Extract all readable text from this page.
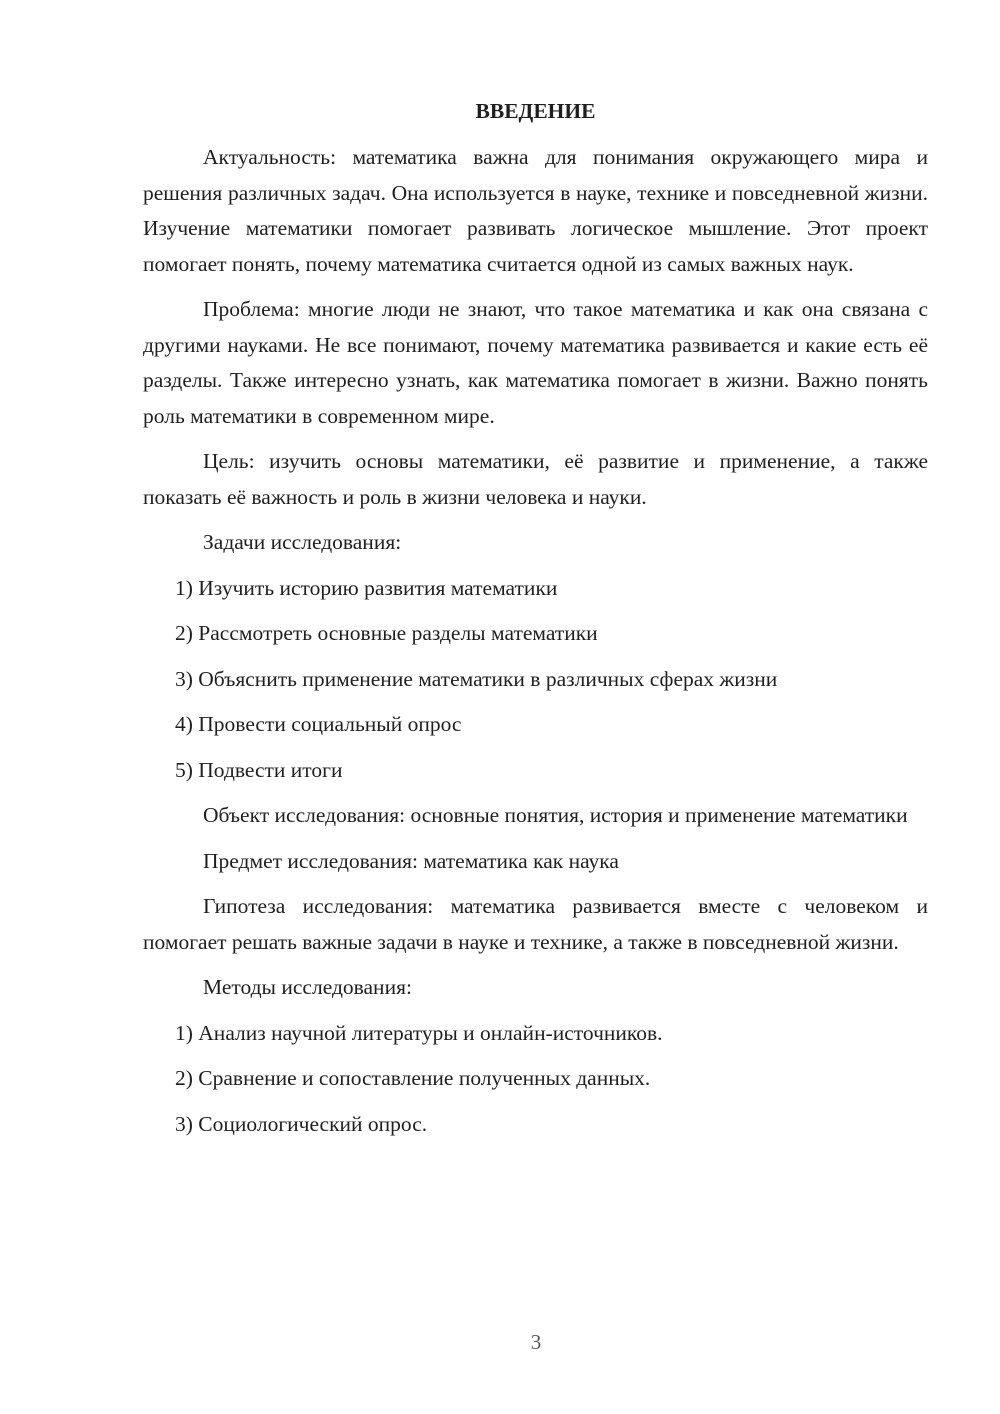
ВВЕДЕНИЕ

Актуальность: математика важна для понимания окружающего мира и решения различных задач. Она используется в науке, технике и повседневной жизни. Изучение математики помогает развивать логическое мышление. Этот проект помогает понять, почему математика считается одной из самых важных наук.

Проблема: многие люди не знают, что такое математика и как она связана с другими науками. Не все понимают, почему математика развивается и какие есть её разделы. Также интересно узнать, как математика помогает в жизни. Важно понять роль математики в современном мире.

Цель: изучить основы математики, её развитие и применение, а также показать её важность и роль в жизни человека и науки.

Задачи исследования:

1) Изучить историю развития математики

2) Рассмотреть основные разделы математики

3) Объяснить применение математики в различных сферах жизни

4) Провести социальный опрос

5) Подвести итоги

Объект исследования: основные понятия, история и применение математики

Предмет исследования: математика как наука

Гипотеза исследования: математика развивается вместе с человеком и помогает решать важные задачи в науке и технике, а также в повседневной жизни.

Методы исследования:

1) Анализ научной литературы и онлайн-источников.

2) Сравнение и сопоставление полученных данных.

3) Социологический опрос.

3
